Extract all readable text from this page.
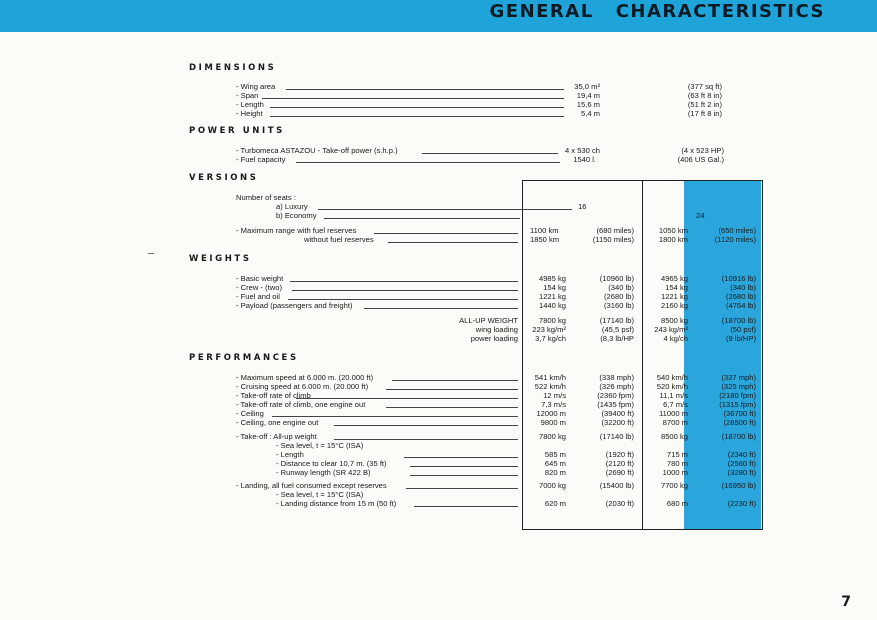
GENERAL CHARACTERISTICS
DIMENSIONS
- Wing area	35,0 m²	(377 sq ft)
- Span	19,4 m	(63 ft 8 in)
- Length	15,6 m	(51 ft 2 in)
- Height	5,4 m	(17 ft 8 in)
POWER UNITS
- Turbomeca ASTAZOU - Take-off power (s.h.p.)	4 x 530 ch	(4 x 523 HP)
- Fuel capacity	1540 l.	(406 US Gal.)
VERSIONS
Number of seats :
a) Luxury	16
b) Economy	24
- Maximum range with fuel reserves	1100 km	(680 miles)	1050 km	(650 miles)
without fuel reserves	1850 km	(1150 miles)	1800 km	(1120 miles)
WEIGHTS
PERFORMANCES
7
- Basic weight	4985 kg	(10960 lb)	4965 kg	(10916 lb)
- Crew - (two)	154 kg	(340 lb)	154 kg	(340 lb)
- Fuel and oil	1221 kg	(2680 lb)	1221 kg	(2680 lb)
- Payload (passengers and freight)	1440 kg	(3160 lb)	2160 kg	(4764 lb)
ALL-UP WEIGHT	7800 kg	(17140 lb)	8500 kg	(18700 lb)
wing loading	223 kg/m²	(45,5 psf)	243 kg/m²	(50 psf)
power loading	3,7 kg/ch	(8,3 lb/HP	4 kg/ch	(9 lb/HP)
- Maximum speed at 6.000 m. (20.000 ft)	541 km/h	(338 mph)	540 km/h	(337 mph)
- Cruising speed at 6.000 m. (20.000 ft)	522 km/h	(326 mph)	520 km/h	(325 mph)
- Take-off rate of climb	12 m/s	(2360 fpm)	11,1 m/s	(2180 fpm)
- Take-off rate of climb, one engine out	7,3 m/s	(1435 fpm)	6,7 m/s	(1315 fpm)
- Ceiling	12000 m	(39400 ft)	11000 m	(36700 ft)
- Ceiling, one engine out	9800 m	(32200 ft)	8700 m	(28500 ft)
- Take-off : All-up weight	7800 kg	(17140 lb)	8500 kg	(18700 lb)
- Sea level, t = 15°C (ISA)
- Length	585 m	(1920 ft)	715 m	(2340 ft)
- Distance to clear 10,7 m. (35 ft)	645 m	(2120 ft)	780 m	(2560 ft)
- Runway length (SR 422 B)	820 m	(2690 ft)	1000 m	(3280 ft)
- Landing, all fuel consumed except reserves	7000 kg	(15400 lb)	7700 kg	(16950 lb)
- Sea level, t = 15°C (ISA)
- Landing distance from 15 m (50 ft)	620 m	(2030 ft)	680 m	(2230 ft)
